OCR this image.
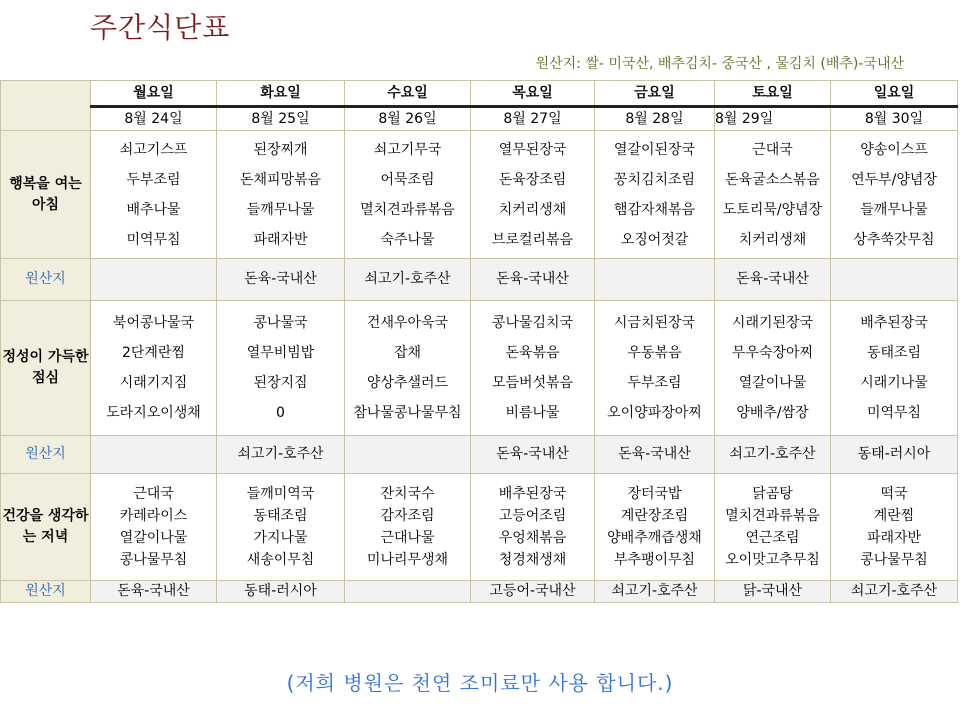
주간식단표
원산지: 쌀- 미국산, 배추김치- 중국산 , 물김치 (배추)-국내산
	월요일	화요일	수요일	목요일	금요일	토요일	일요일
	8월 24일	8월 25일	8월 26일	8월 27일	8월 28일	8월 29일	8월 30일
행복을 여는 아침	쇠고기스프
두부조림
배추나물
미역무침	된장찌개
돈채피망볶음
들깨무나물
파래자반	쇠고기무국
어묵조림
멸치견과류볶음
숙주나물	열무된장국
돈육장조림
치커리생채
브로컬리볶음	열갈이된장국
꽁치김치조림
햄감자채볶음
오징어젓갈	근대국
돈육굴소스볶음
도토리묵/양념장
치커리생채	양송이스프
연두부/양념장
들깨무나물
상추쑥갓무침

원산지		돈육-국내산	쇠고기-호주산	돈육-국내산		돈육-국내산	
정성이 가득한 점심	북어콩나물국
2단계란찜
시래기지짐
도라지오이생채	콩나물국
열무비빔밥
된장지짐
0	건새우아욱국
잡채
양상추샐러드
참나물콩나물무침	콩나물김치국
돈육볶음
모듬버섯볶음
비름나물	시금치된장국
우동볶음
두부조림
오이양파장아찌	시래기된장국
무우숙장아찌
열갈이나물
양배추/쌈장	배추된장국
동태조림
시래기나물
미역무침

원산지		쇠고기-호주산		돈육-국내산	돈육-국내산	쇠고기-호주산	동태-러시아
건강을 생각하는 저녁	근대국
카레라이스
열갈이나물
콩나물무침	들깨미역국
동태조림
가지나물
새송이무침	잔치국수
감자조림
근대나물
미나리무생채	배추된장국
고등어조림
우엉채볶음
청경채생채	장터국밥
계란장조림
양배추깨즙생채
부추팽이무침	닭곰탕
멸치견과류볶음
연근조림
오이맛고추무침	떡국
계란찜
파래자반
콩나물무침

원산지	돈육-국내산	동태-러시아		고등어-국내산	쇠고기-호주산	닭-국내산	쇠고기-호주산
(저희 병원은 천연 조미료만 사용 합니다.)
